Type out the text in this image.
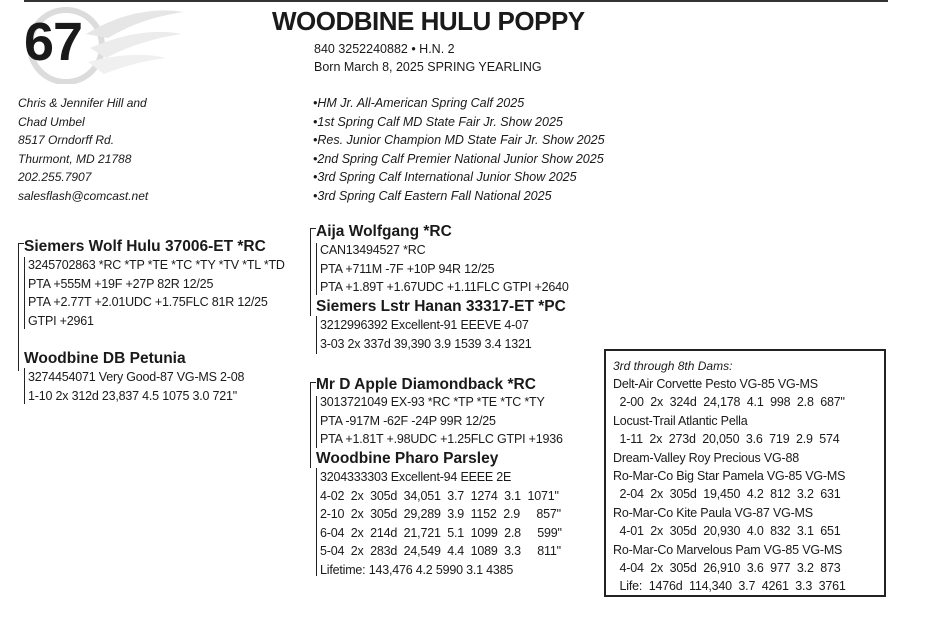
67	WOODBINE HULU POPPY
840 3252240882 • H.N. 2
Born March 8, 2025 SPRING YEARLING
Chris & Jennifer Hill and
Chad Umbel
8517 Orndorff Rd.
Thurmont, MD 21788
202.255.7907
salesflash@comcast.net
•HM Jr. All-American Spring Calf 2025
•1st Spring Calf MD State Fair Jr. Show 2025
•Res. Junior Champion MD State Fair Jr. Show 2025
•2nd Spring Calf Premier National Junior Show 2025
•3rd Spring Calf International Junior Show 2025
•3rd Spring Calf Eastern Fall National 2025
Siemers Wolf Hulu 37006-ET *RC
3245702863 *RC *TP *TE *TC *TY *TV *TL *TD
PTA +555M +19F +27P 82R 12/25
PTA +2.77T +2.01UDC +1.75FLC 81R 12/25
GTPI +2961
Woodbine DB Petunia
3274454071 Very Good-87 VG-MS 2-08
1-10 2x 312d 23,837 4.5 1075 3.0 721"
Aija Wolfgang *RC
CAN13494527 *RC
PTA +711M -7F +10P 94R 12/25
PTA +1.89T +1.67UDC +1.11FLC GTPI +2640
Siemers Lstr Hanan 33317-ET *PC
3212996392 Excellent-91 EEEVE 4-07
3-03 2x 337d 39,390 3.9 1539 3.4 1321
Mr D Apple Diamondback *RC
3013721049 EX-93 *RC *TP *TE *TC *TY
PTA -917M -62F -24P 99R 12/25
PTA +1.81T +.98UDC +1.25FLC GTPI +1936
Woodbine Pharo Parsley
3204333303 Excellent-94 EEEE 2E
4-02  2x  305d  34,051  3.7  1274  3.1  1071"
2-10  2x  305d  29,289  3.9  1152  2.9     857"
6-04  2x  214d  21,721  5.1  1099  2.8     599"
5-04  2x  283d  24,549  4.4  1089  3.3     811"
Lifetime: 143,476 4.2 5990 3.1 4385
3rd through 8th Dams:
Delt-Air Corvette Pesto VG-85 VG-MS
2-00  2x  324d  24,178  4.1  998  2.8  687"
Locust-Trail Atlantic Pella
1-11  2x  273d  20,050  3.6  719  2.9  574
Dream-Valley Roy Precious VG-88
Ro-Mar-Co Big Star Pamela VG-85 VG-MS
2-04  2x  305d  19,450  4.2  812  3.2  631
Ro-Mar-Co Kite Paula VG-87 VG-MS
4-01  2x  305d  20,930  4.0  832  3.1  651
Ro-Mar-Co Marvelous Pam VG-85 VG-MS
4-04  2x  305d  26,910  3.6  977  3.2  873
Life:  1476d  114,340  3.7  4261  3.3  3761
